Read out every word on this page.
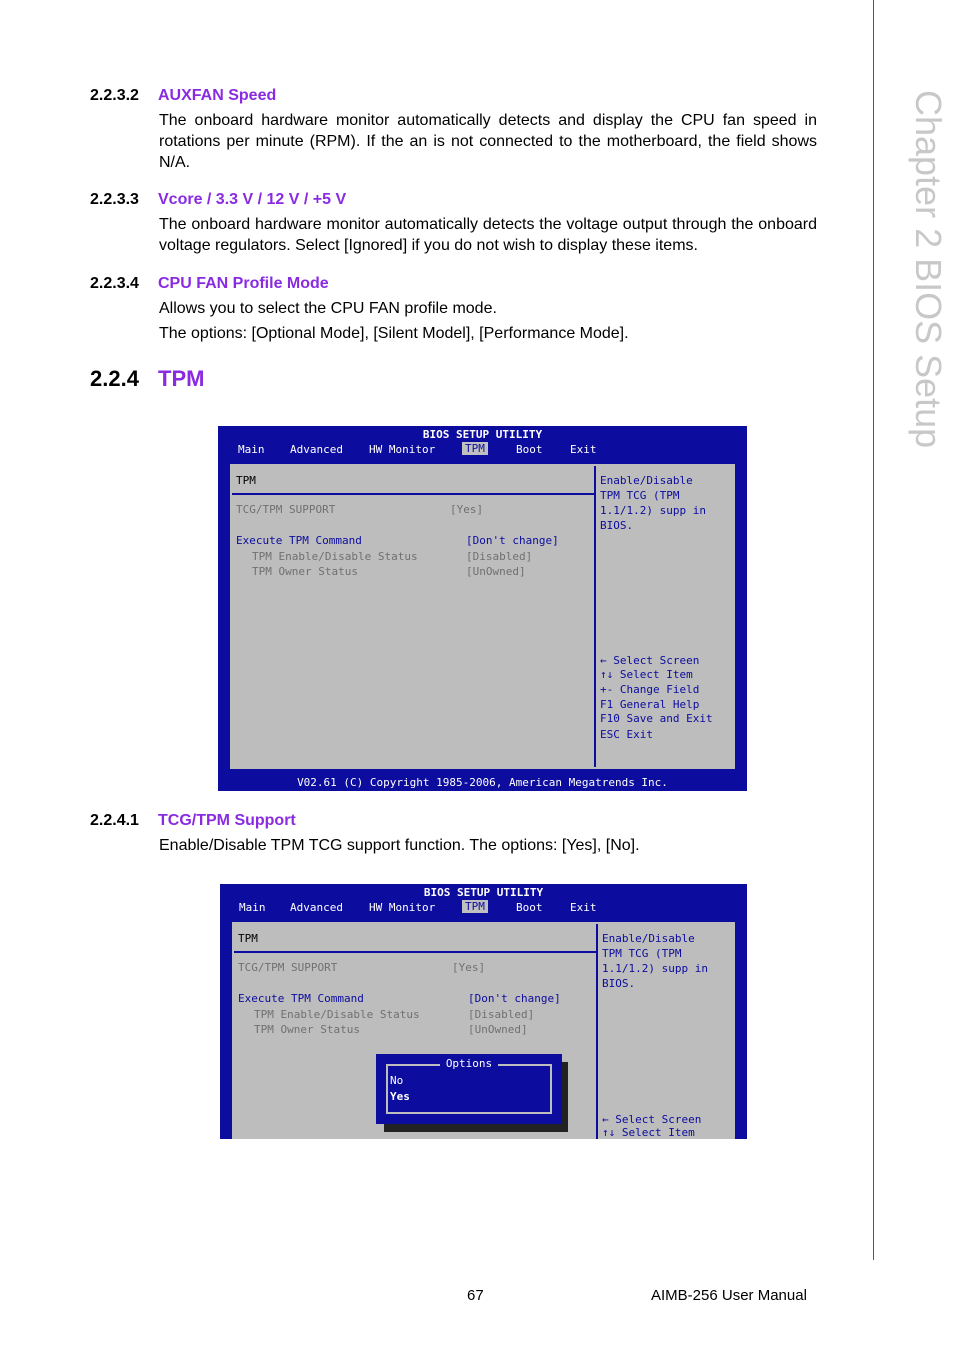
Chapter 2 BIOS Setup
2.2.3.2 AUXFAN Speed
The onboard hardware monitor automatically detects and display the CPU fan speed in rotations per minute (RPM). If the an is not connected to the motherboard, the field shows N/A.
2.2.3.3 Vcore / 3.3 V / 12 V / +5 V
The onboard hardware monitor automatically detects the voltage output through the onboard voltage regulators. Select [Ignored] if you do not wish to display these items.
2.2.3.4 CPU FAN Profile Mode
Allows you to select the CPU FAN profile mode.
The options: [Optional Mode], [Silent Model], [Performance Mode].
2.2.4 TPM
BIOS SETUP UTILITY
Main Advanced HW Monitor	TPM	Boot	Exit
TPM
TCG/TPM SUPPORT	[Yes]
Execute TPM Command	[Don't change]
TPM Enable/Disable Status	[Disabled]
TPM Owner Status	[UnOwned]
Enable/Disable
TPM TCG (TPM
1.1/1.2) supp in
BIOS.
← Select Screen
↑↓ Select Item
+- Change Field
F1 General Help
F10 Save and Exit
ESC Exit
V02.61 (C) Copyright 1985-2006, American Megatrends Inc.
2.2.4.1 TCG/TPM Support
Enable/Disable TPM TCG support function. The options: [Yes], [No].
BIOS SETUP UTILITY
Main Advanced HW Monitor	TPM	Boot	Exit
TPM
TCG/TPM SUPPORT	[Yes]
Execute TPM Command	[Don't change]
TPM Enable/Disable Status	[Disabled]
TPM Owner Status	[UnOwned]
Enable/Disable
TPM TCG (TPM
1.1/1.2) supp in
BIOS.
← Select Screen
↑↓ Select Item
Options
No
Yes
67	AIMB-256 User Manual
